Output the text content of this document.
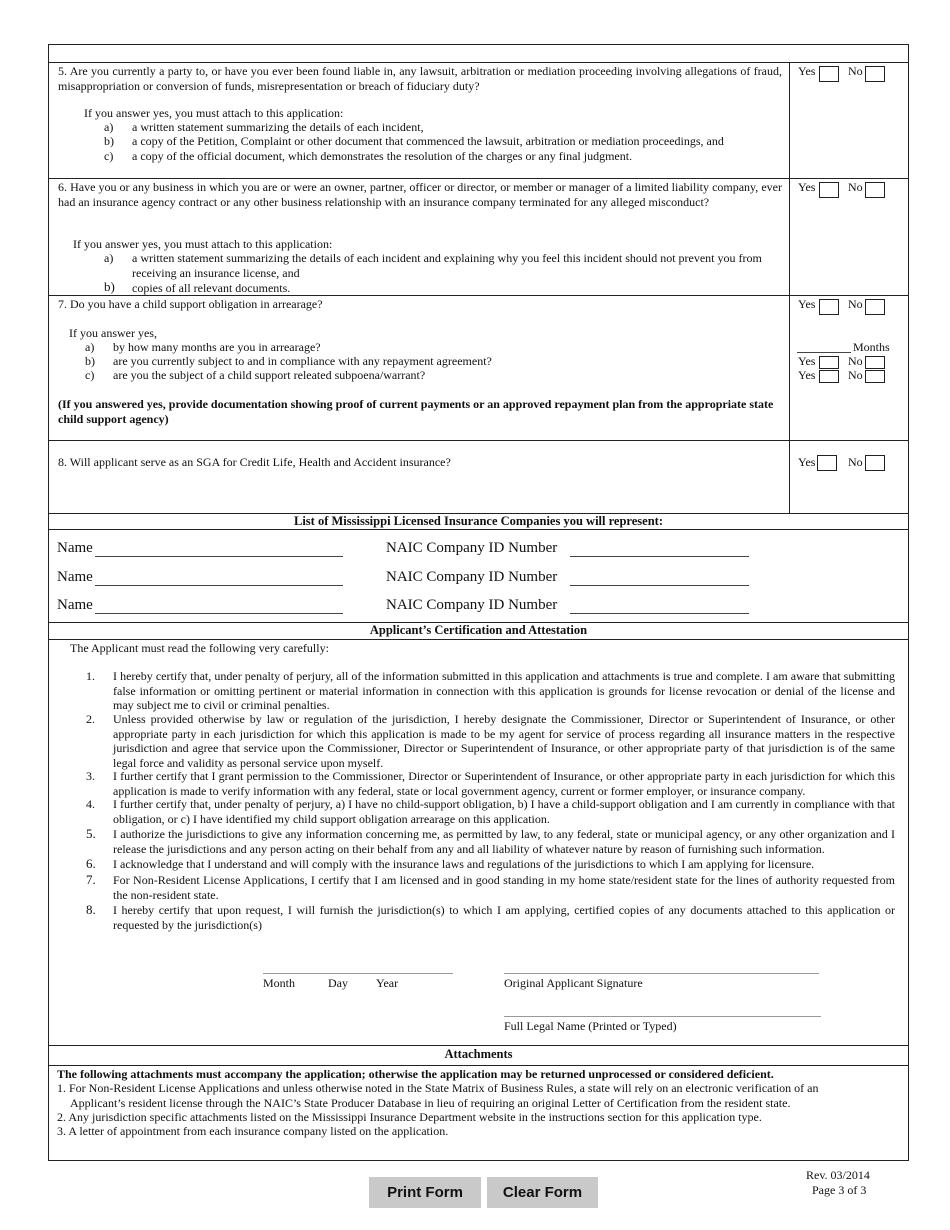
5. Are you currently a party to, or have you ever been found liable in, any lawsuit, arbitration or mediation proceeding involving allegations of fraud, misappropriation or conversion of funds, misrepresentation or breach of fiduciary duty?
If you answer yes, you must attach to this application:
a) a written statement summarizing the details of each incident,
b) a copy of the Petition, Complaint or other document that commenced the lawsuit, arbitration or mediation proceedings, and
c) a copy of the official document, which demonstrates the resolution of the charges or any final judgment.
Yes	No
6. Have you or any business in which you are or were an owner, partner, officer or director, or member or manager of a limited liability company, ever had an insurance agency contract or any other business relationship with an insurance company terminated for any alleged misconduct?
If you answer yes, you must attach to this application:
a) a written statement summarizing the details of each incident and explaining why you feel this incident should not prevent you from receiving an insurance license, and
b) copies of all relevant documents.
Yes	No
7. Do you have a child support obligation in arrearage?
If you answer yes,
a) by how many months are you in arrearage?
b) are you currently subject to and in compliance with any repayment agreement?
c) are you the subject of a child support releated subpoena/warrant?
(If you answered yes, provide documentation showing proof of current payments or an approved repayment plan from the appropriate state child support agency)
Yes	No
Months
Yes	No
Yes	No
8. Will applicant serve as an SGA for Credit Life, Health and Accident insurance?	Yes	No
List of Mississippi Licensed Insurance Companies you will represent:
Name	NAIC Company ID Number
Name	NAIC Company ID Number
Name	NAIC Company ID Number
Applicant’s Certification and Attestation
The Applicant must read the following very carefully:
1. I hereby certify that, under penalty of perjury, all of the information submitted in this application and attachments is true and complete. I am aware that submitting false information or omitting pertinent or material information in connection with this application is grounds for license revocation or denial of the license and may subject me to civil or criminal penalties.
2. Unless provided otherwise by law or regulation of the jurisdiction, I hereby designate the Commissioner, Director or Superintendent of Insurance, or other appropriate party in each jurisdiction for which this application is made to be my agent for service of process regarding all insurance matters in the respective jurisdiction and agree that service upon the Commissioner, Director or Superintendent of Insurance, or other appropriate party of that jurisdiction is of the same legal force and validity as personal service upon myself.
3. I further certify that I grant permission to the Commissioner, Director or Superintendent of Insurance, or other appropriate party in each jurisdiction for which this application is made to verify information with any federal, state or local government agency, current or former employer, or insurance company.
4. I further certify that, under penalty of perjury, a) I have no child-support obligation, b) I have a child-support obligation and I am currently in compliance with that obligation, or c) I have identified my child support obligation arrearage on this application.
5. I authorize the jurisdictions to give any information concerning me, as permitted by law, to any federal, state or municipal agency, or any other organization and I release the jurisdictions and any person acting on their behalf from any and all liability of whatever nature by reason of furnishing such information.
6. I acknowledge that I understand and will comply with the insurance laws and regulations of the jurisdictions to which I am applying for licensure.
7. For Non-Resident License Applications, I certify that I am licensed and in good standing in my home state/resident state for the lines of authority requested from the non-resident state.
8. I hereby certify that upon request, I will furnish the jurisdiction(s) to which I am applying, certified copies of any documents attached to this application or requested by the jurisdiction(s)
Month	Day Year	Original Applicant Signature
Full Legal Name (Printed or Typed)
Attachments
The following attachments must accompany the application; otherwise the application may be returned unprocessed or considered deficient.
1. For Non-Resident License Applications and unless otherwise noted in the State Matrix of Business Rules, a state will rely on an electronic verification of an Applicant’s resident license through the NAIC’s State Producer Database in lieu of requiring an original Letter of Certification from the resident state.
2. Any jurisdiction specific attachments listed on the Mississippi Insurance Department website in the instructions section for this application type.
3. A letter of appointment from each insurance company listed on the application.
Rev. 03/2014
Page 3 of 3
Print Form	Clear Form
